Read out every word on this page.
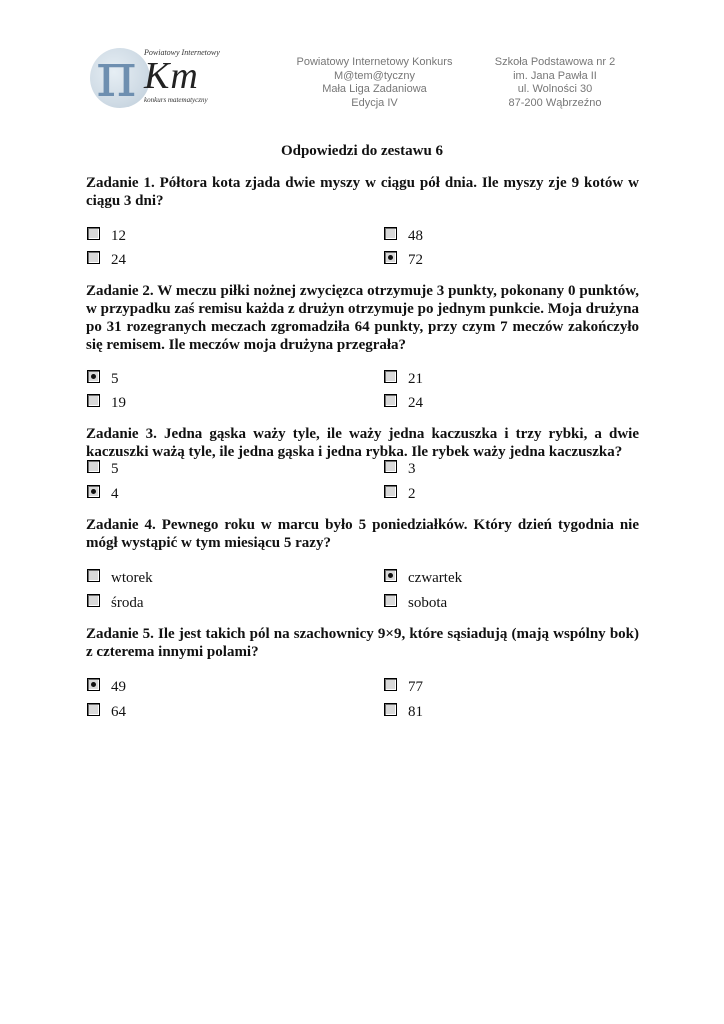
π Powiatowy Internetowy
Km
konkurs matematyczny
Powiatowy Internetowy Konkurs
M@tem@tyczny
Mała Liga Zadaniowa
Edycja IV
Szkoła Podstawowa nr 2
im. Jana Pawła II
ul. Wolności 30
87-200 Wąbrzeźno
Odpowiedzi do zestawu 6
Zadanie 1. Półtora kota zjada dwie myszy w ciągu pół dnia. Ile myszy zje 9 kotów w ciągu 3 dni?
12	48
24	72
Zadanie 2. W meczu piłki nożnej zwycięzca otrzymuje 3 punkty, pokonany 0 punktów, w przypadku zaś remisu każda z drużyn otrzymuje po jednym punkcie. Moja drużyna po 31 rozegranych meczach zgromadziła 64 punkty, przy czym 7 meczów zakończyło się remisem. Ile meczów moja drużyna przegrała?
5	21
19	24
Zadanie 3. Jedna gąska waży tyle, ile waży jedna kaczuszka i trzy rybki, a dwie kaczuszki ważą tyle, ile jedna gąska i jedna rybka. Ile rybek waży jedna kaczuszka?
5	3
4	2
Zadanie 4. Pewnego roku w marcu było 5 poniedziałków. Który dzień tygodnia nie mógł wystąpić w tym miesiącu 5 razy?
wtorek	czwartek
środa	sobota
Zadanie 5. Ile jest takich pól na szachownicy 9×9, które sąsiadują (mają wspólny bok) z czterema innymi polami?
49	77
64	81
